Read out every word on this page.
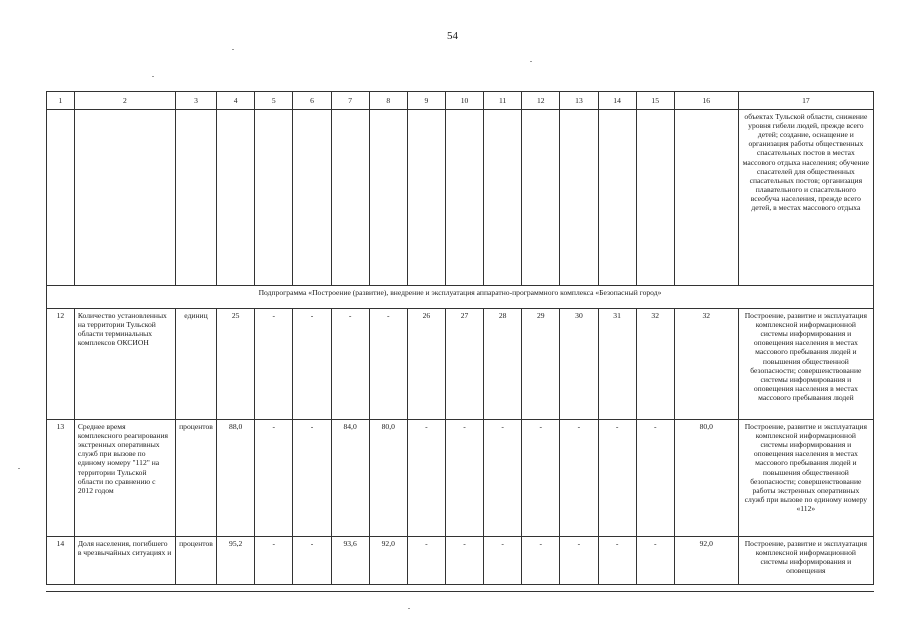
54
1	2	3	4	5	6	7	8	9	10	11	12	13	14	15	16	17
																объектах Тульской области, снижение уровня гибели людей, прежде всего детей; создание, оснащение и организация работы общественных спасательных постов в местах массового отдыха населения; обучение спасателей для общественных спасательных постов; организация плавательного и спасательного всеобуча населения, прежде всего детей, в местах массового отдыха
Подпрограмма «Построение (развитие), внедрение и эксплуатация аппаратно-программного комплекса «Безопасный город»																
12	Количество установленных на территории Тульской области терминальных комплексов ОКСИОН	единиц	25	-	-	-	-	26	27	28	29	30	31	32	32	Построение, развитие и эксплуатация комплексной информационной системы информирования и оповещения населения в местах массового пребывания людей и повышения общественной безопасности; совершенствование системы информирования и оповещения населения в местах массового пребывания людей
13	Среднее время комплексного реагирования экстренных оперативных служб при вызове по единому номеру "112" на территории Тульской области по сравнению с 2012 годом	процентов	88,0	-	-	84,0	80,0	-	-	-	-	-	-	-	80,0	Построение, развитие и эксплуатация комплексной информационной системы информирования и оповещения населения в местах массового пребывания людей и повышения общественной безопасности; совершенствование работы экстренных оперативных служб при вызове по единому номеру «112»
14	Доля населения, погибшего в чрезвычайных ситуациях и	процентов	95,2	-	-	93,6	92,0	-	-	-	-	-	-	-	92,0	Построение, развитие и эксплуатация комплексной информационной системы информирования и оповещения
